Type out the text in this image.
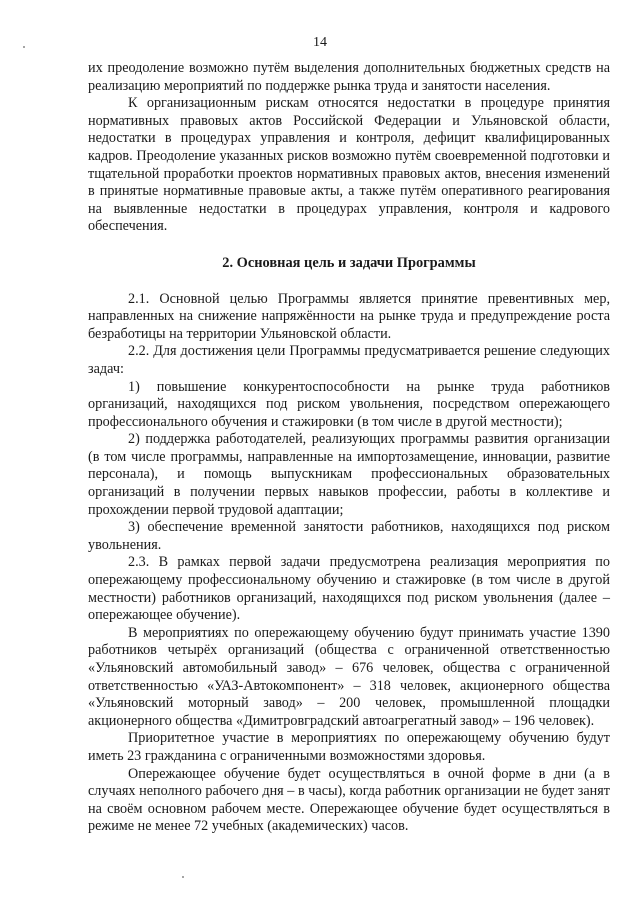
14

их преодоление возможно путём выделения дополнительных бюджетных средств на реализацию мероприятий по поддержке рынка труда и занятости населения.

К организационным рискам относятся недостатки в процедуре принятия нормативных правовых актов Российской Федерации и Ульяновской области, недостатки в процедурах управления и контроля, дефицит квалифицированных кадров. Преодоление указанных рисков возможно путём своевременной подготовки и тщательной проработки проектов нормативных правовых актов, внесения изменений в принятые нормативные правовые акты, а также путём оперативного реагирования на выявленные недостатки в процедурах управления, контроля и кадрового обеспечения.

2. Основная цель и задачи Программы

2.1. Основной целью Программы является принятие превентивных мер, направленных на снижение напряжённости на рынке труда и предупреждение роста безработицы на территории Ульяновской области.

2.2. Для достижения цели Программы предусматривается решение следующих задач:

1) повышение конкурентоспособности на рынке труда работников организаций, находящихся под риском увольнения, посредством опережающего профессионального обучения и стажировки (в том числе в другой местности);

2) поддержка работодателей, реализующих программы развития организации (в том числе программы, направленные на импортозамещение, инновации, развитие персонала), и помощь выпускникам профессиональных образовательных организаций в получении первых навыков профессии, работы в коллективе и прохождении первой трудовой адаптации;

3) обеспечение временной занятости работников, находящихся под риском увольнения.

2.3. В рамках первой задачи предусмотрена реализация мероприятия по опережающему профессиональному обучению и стажировке (в том числе в другой местности) работников организаций, находящихся под риском увольнения (далее – опережающее обучение).

В мероприятиях по опережающему обучению будут принимать участие 1390 работников четырёх организаций (общества с ограниченной ответственностью «Ульяновский автомобильный завод» – 676 человек, общества с ограниченной ответственностью «УАЗ-Автокомпонент» – 318 человек, акционерного общества «Ульяновский моторный завод» – 200 человек, промышленной площадки акционерного общества «Димитровградский автоагрегатный завод» – 196 человек).

Приоритетное участие в мероприятиях по опережающему обучению будут иметь 23 гражданина с ограниченными возможностями здоровья.

Опережающее обучение будет осуществляться в очной форме в дни (а в случаях неполного рабочего дня – в часы), когда работник организации не будет занят на своём основном рабочем месте. Опережающее обучение будет осуществляться в режиме не менее 72 учебных (академических) часов.
